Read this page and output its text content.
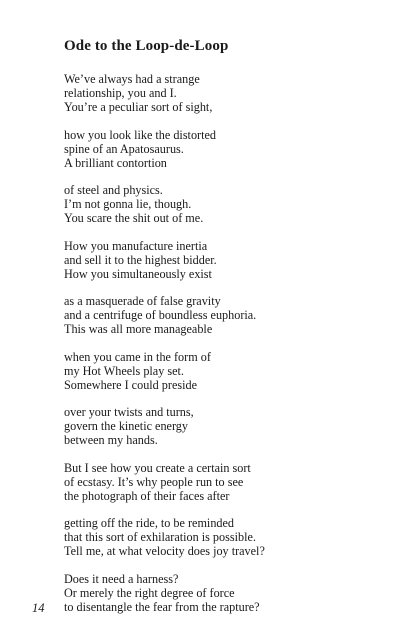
Ode to the Loop-de-Loop
We’ve always had a strange
relationship, you and I.
You’re a peculiar sort of sight,
how you look like the distorted
spine of an Apatosaurus.
A brilliant contortion
of steel and physics.
I’m not gonna lie, though.
You scare the shit out of me.
How you manufacture inertia
and sell it to the highest bidder.
How you simultaneously exist
as a masquerade of false gravity
and a centrifuge of boundless euphoria.
This was all more manageable
when you came in the form of
my Hot Wheels play set.
Somewhere I could preside
over your twists and turns,
govern the kinetic energy
between my hands.
But I see how you create a certain sort
of ecstasy. It’s why people run to see
the photograph of their faces after
getting off the ride, to be reminded
that this sort of exhilaration is possible.
Tell me, at what velocity does joy travel?
Does it need a harness?
Or merely the right degree of force
to disentangle the fear from the rapture?
14
